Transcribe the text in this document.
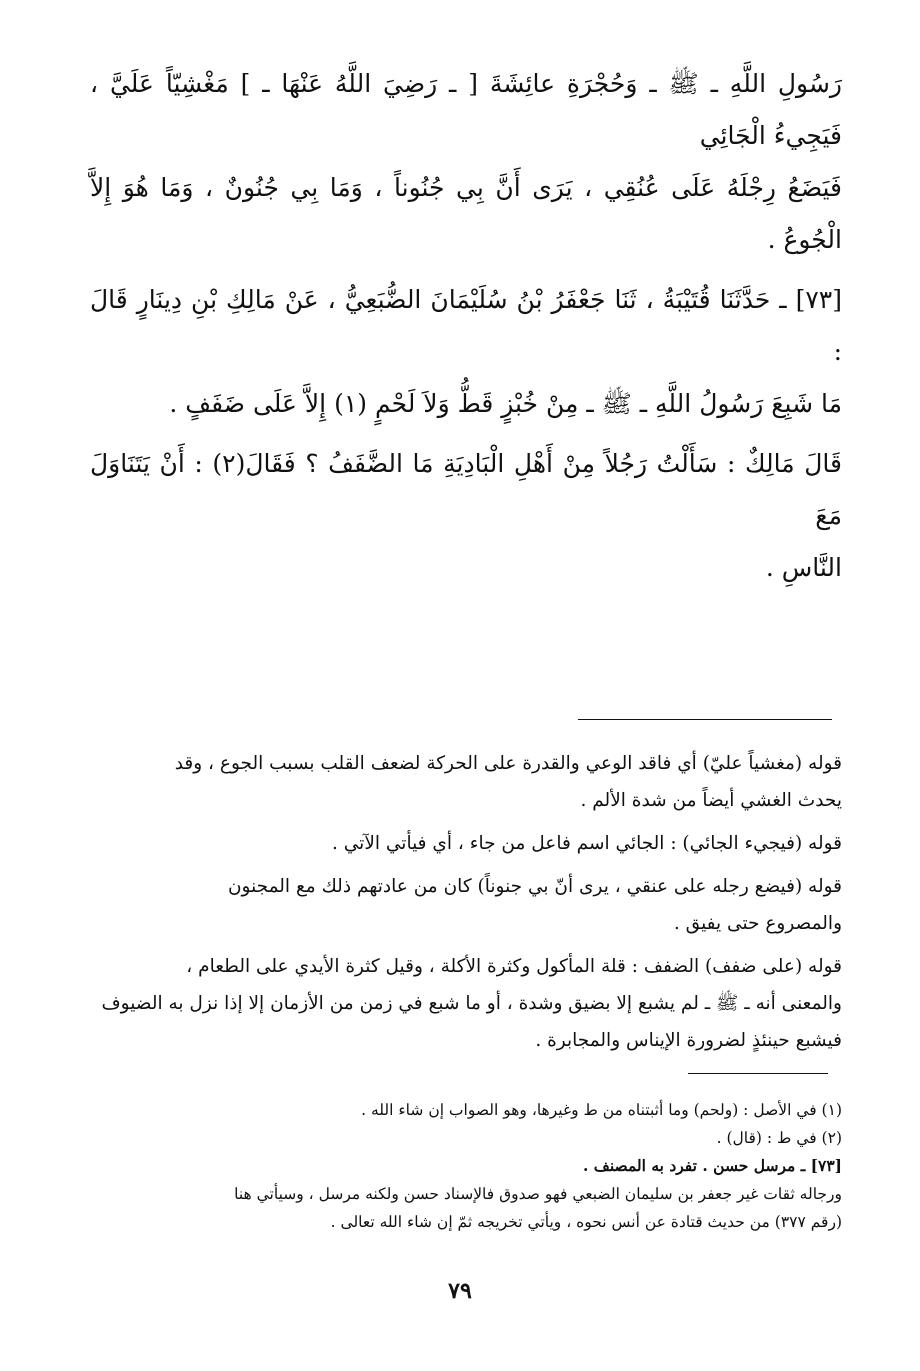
رَسُولِ اللَّهِ ـ ﷺ ـ وَحُجْرَةِ عائِشَةَ [ ـ رَضِيَ اللَّهُ عَنْهَا ـ ] مَغْشِيّاً عَلَيَّ ، فَيَجِيءُ الْجَائِي

فَيَضَعُ رِجْلَهُ عَلَى عُنُقِي ، يَرَى أَنَّ بِي جُنُوناً ، وَمَا بِي جُنُونٌ ، وَمَا هُوَ إِلاَّ الْجُوعُ .

[٧٣] ـ حَدَّثَنَا قُتَيْبَةُ ، ثَنَا جَعْفَرُ بْنُ سُلَيْمَانَ الضُّبَعِيُّ ، عَنْ مَالِكِ بْنِ دِينَارٍ قَالَ :

مَا شَبِعَ رَسُولُ اللَّهِ ـ ﷺ ـ مِنْ خُبْزٍ قَطُّ وَلاَ لَحْمٍ (١) إِلاَّ عَلَى ضَفَفٍ .

قَالَ مَالِكٌ : سَأَلْتُ رَجُلاً مِنْ أَهْلِ الْبَادِيَةِ مَا الضَّفَفُ ؟ فَقَالَ(٢) : أَنْ يَتَنَاوَلَ مَعَ

النَّاسِ .

قوله (مغشياً عليّ) أي فاقد الوعي والقدرة على الحركة لضعف القلب بسبب الجوع ، وقد

يحدث الغشي أيضاً من شدة الألم .

قوله (فيجيء الجائي) : الجائي اسم فاعل من جاء ، أي فيأتي الآتي .

قوله (فيضع رجله على عنقي ، يرى أنّ بي جنوناً) كان من عادتهم ذلك مع المجنون

والمصروع حتى يفيق .

قوله (على ضفف) الضفف : قلة المأكول وكثرة الأكلة ، وقيل كثرة الأيدي على الطعام ،

والمعنى أنه ـ ﷺ ـ لم يشبع إلا بضيق وشدة ، أو ما شبع في زمن من الأزمان إلا إذا نزل به الضيوف

فيشبع حينئذٍ لضرورة الإيناس والمجابرة .

(١) في الأصل : (ولحم) وما أثبتناه من ط وغيرها، وهو الصواب إن شاء الله .

(٢) في ط : (قال) .

[٧٣] ـ مرسل حسن . تفرد به المصنف .

ورجاله ثقات غير جعفر بن سليمان الضبعي فهو صدوق فالإسناد حسن ولكنه مرسل ، وسيأتي هنا

(رقم ٣٧٧) من حديث قتادة عن أنس نحوه ، ويأتي تخريجه ثمّ إن شاء الله تعالى .

٧٩
